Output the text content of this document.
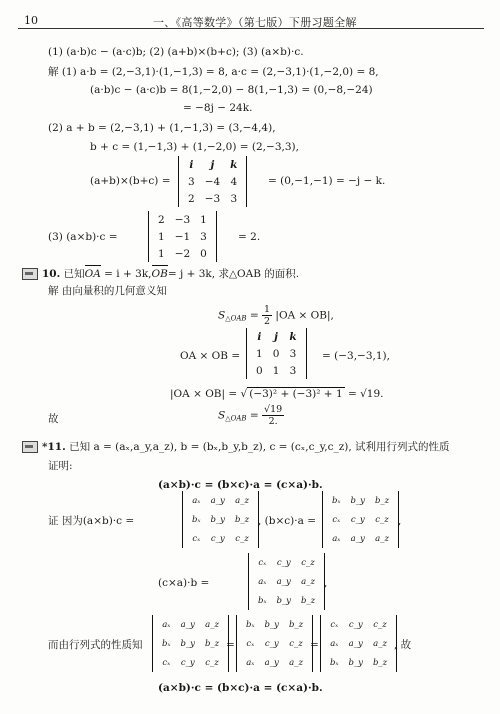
10	一、《高等数学》（第七版）下册习题全解
(1) (a·b)c − (a·c)b; (2) (a+b)×(b+c); (3) (a×b)·c.
解 (1) a·b = (2,−3,1)·(1,−1,3) = 8, a·c = (2,−3,1)·(1,−2,0) = 8,
(a·b)c − (a·c)b = 8(1,−2,0) − 8(1,−1,3) = (0,−8,−24)
= −8j − 24k.
(2) a + b = (2,−3,1) + (1,−1,3) = (3,−4,4),
b + c = (1,−1,3) + (1,−2,0) = (2,−3,3),
(a+b)×(b+c) =
i	j	k
3	−4	4
2	−3	3
= (0,−1,−1) = −j − k.
(3) (a×b)·c =
2	−3	1
1	−1	3
1	−2	0
= 2.
10. 已知OA = i + 3k,OB= j + 3k, 求△OAB 的面积.
解 由向量积的几何意义知
$S_{\triangle OAB} = \frac{1}{2} |OA \times OB|$,
OA × OB =
i	j	k
1	0	3
0	1	3
= (−3,−3,1),
|OA × OB| = √ (−3)² + (−3)² + 1 = √19.
故	$S_{\triangle OAB} = \frac{√19}{2.}$
*11. 已知 a = (aₓ,a_y,a_z), b = (bₓ,b_y,b_z), c = (cₓ,c_y,c_z), 试利用行列式的性质
证明:
(a×b)·c = (b×c)·a = (c×a)·b.
证 因为(a×b)·c =
aₓ	a_y	a_z
bₓ	b_y	b_z
cₓ	c_y	c_z
, (b×c)·a =
bₓ	b_y	b_z
cₓ	c_y	c_z
aₓ	a_y	a_z
,
(c×a)·b =
cₓ	c_y	c_z
aₓ	a_y	a_z
bₓ	b_y	b_z
,
而由行列式的性质知
aₓ	a_y	a_z
bₓ	b_y	b_z
cₓ	c_y	c_z
=
bₓ	b_y	b_z
cₓ	c_y	c_z
aₓ	a_y	a_z
=
cₓ	c_y	c_z
aₓ	a_y	a_z
bₓ	b_y	b_z
, 故
(a×b)·c = (b×c)·a = (c×a)·b.
